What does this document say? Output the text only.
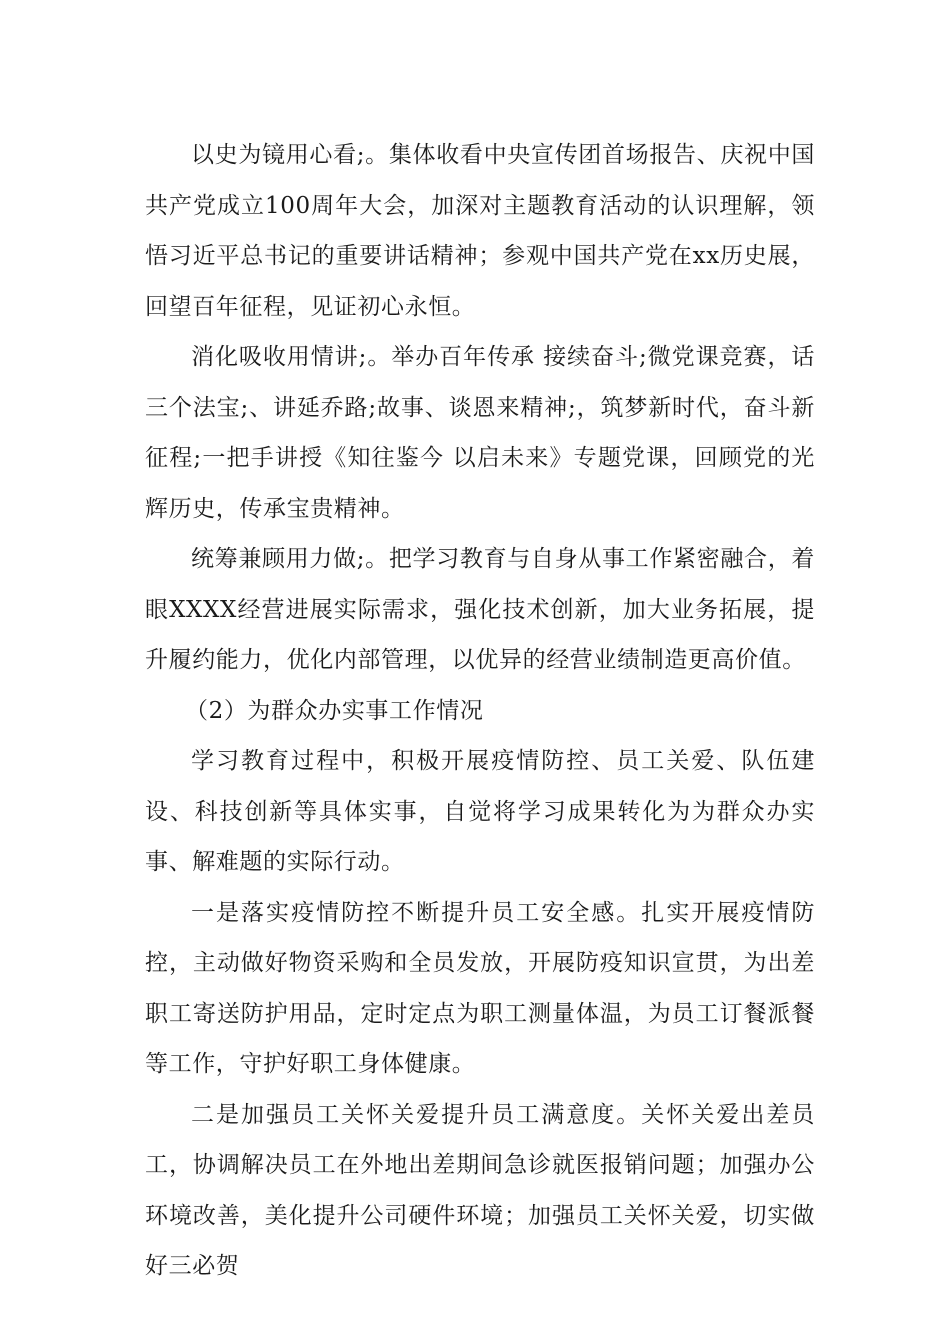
以史为镜用心看;。集体收看中央宣传团首场报告、庆祝中国共产党成立100周年大会，加深对主题教育活动的认识理解，领悟习近平总书记的重要讲话精神；参观中国共产党在xx历史展，回望百年征程，见证初心永恒。

消化吸收用情讲;。举办百年传承 接续奋斗;微党课竞赛，话三个法宝;、讲延乔路;故事、谈恩来精神;，筑梦新时代，奋斗新征程;一把手讲授《知往鉴今 以启未来》专题党课，回顾党的光辉历史，传承宝贵精神。

统筹兼顾用力做;。把学习教育与自身从事工作紧密融合，着眼XXXX经营进展实际需求，强化技术创新，加大业务拓展，提升履约能力，优化内部管理，以优异的经营业绩制造更高价值。

（2）为群众办实事工作情况

学习教育过程中，积极开展疫情防控、员工关爱、队伍建设、科技创新等具体实事，自觉将学习成果转化为为群众办实事、解难题的实际行动。

一是落实疫情防控不断提升员工安全感。扎实开展疫情防控，主动做好物资采购和全员发放，开展防疫知识宣贯，为出差职工寄送防护用品，定时定点为职工测量体温，为员工订餐派餐等工作，守护好职工身体健康。

二是加强员工关怀关爱提升员工满意度。关怀关爱出差员工，协调解决员工在外地出差期间急诊就医报销问题；加强办公环境改善，美化提升公司硬件环境；加强员工关怀关爱，切实做好三必贺
